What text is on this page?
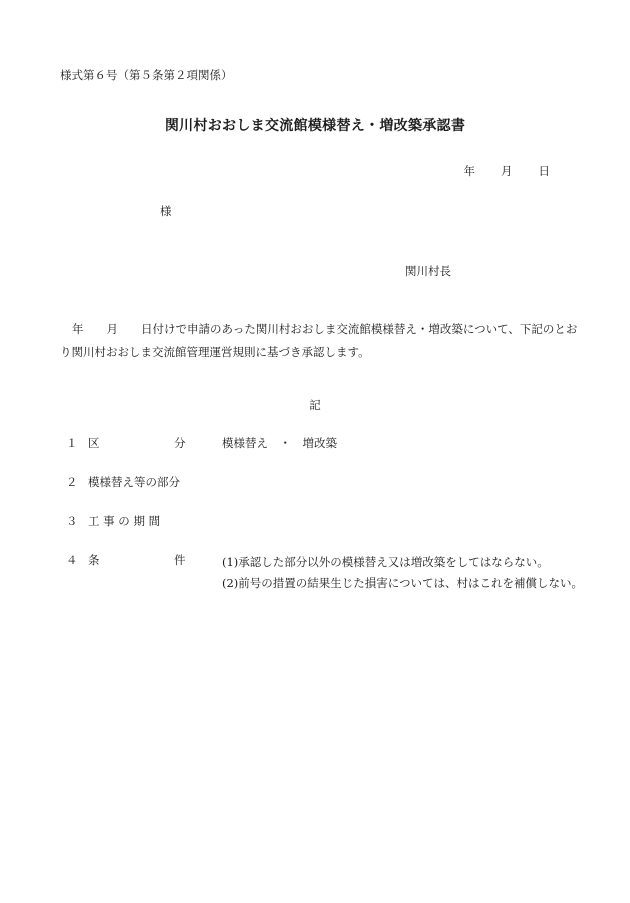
様式第６号（第５条第２項関係）
関川村おおしま交流館模様替え・増改築承認書
年 月 日
様
関川村長
年　　月　　日付けで申請のあった関川村おおしま交流館模様替え・増改築について、下記のとおり関川村おおしま交流館管理運営規則に基づき承認します。
記
１ 区	分	模様替え　・　増改築
２ 模様替え等の部分
３ 工 事 の 期 間
４ 条	件	(1)承認した部分以外の模様替え又は増改築をしてはならない。
(2)前号の措置の結果生じた損害については、村はこれを補償しない。
